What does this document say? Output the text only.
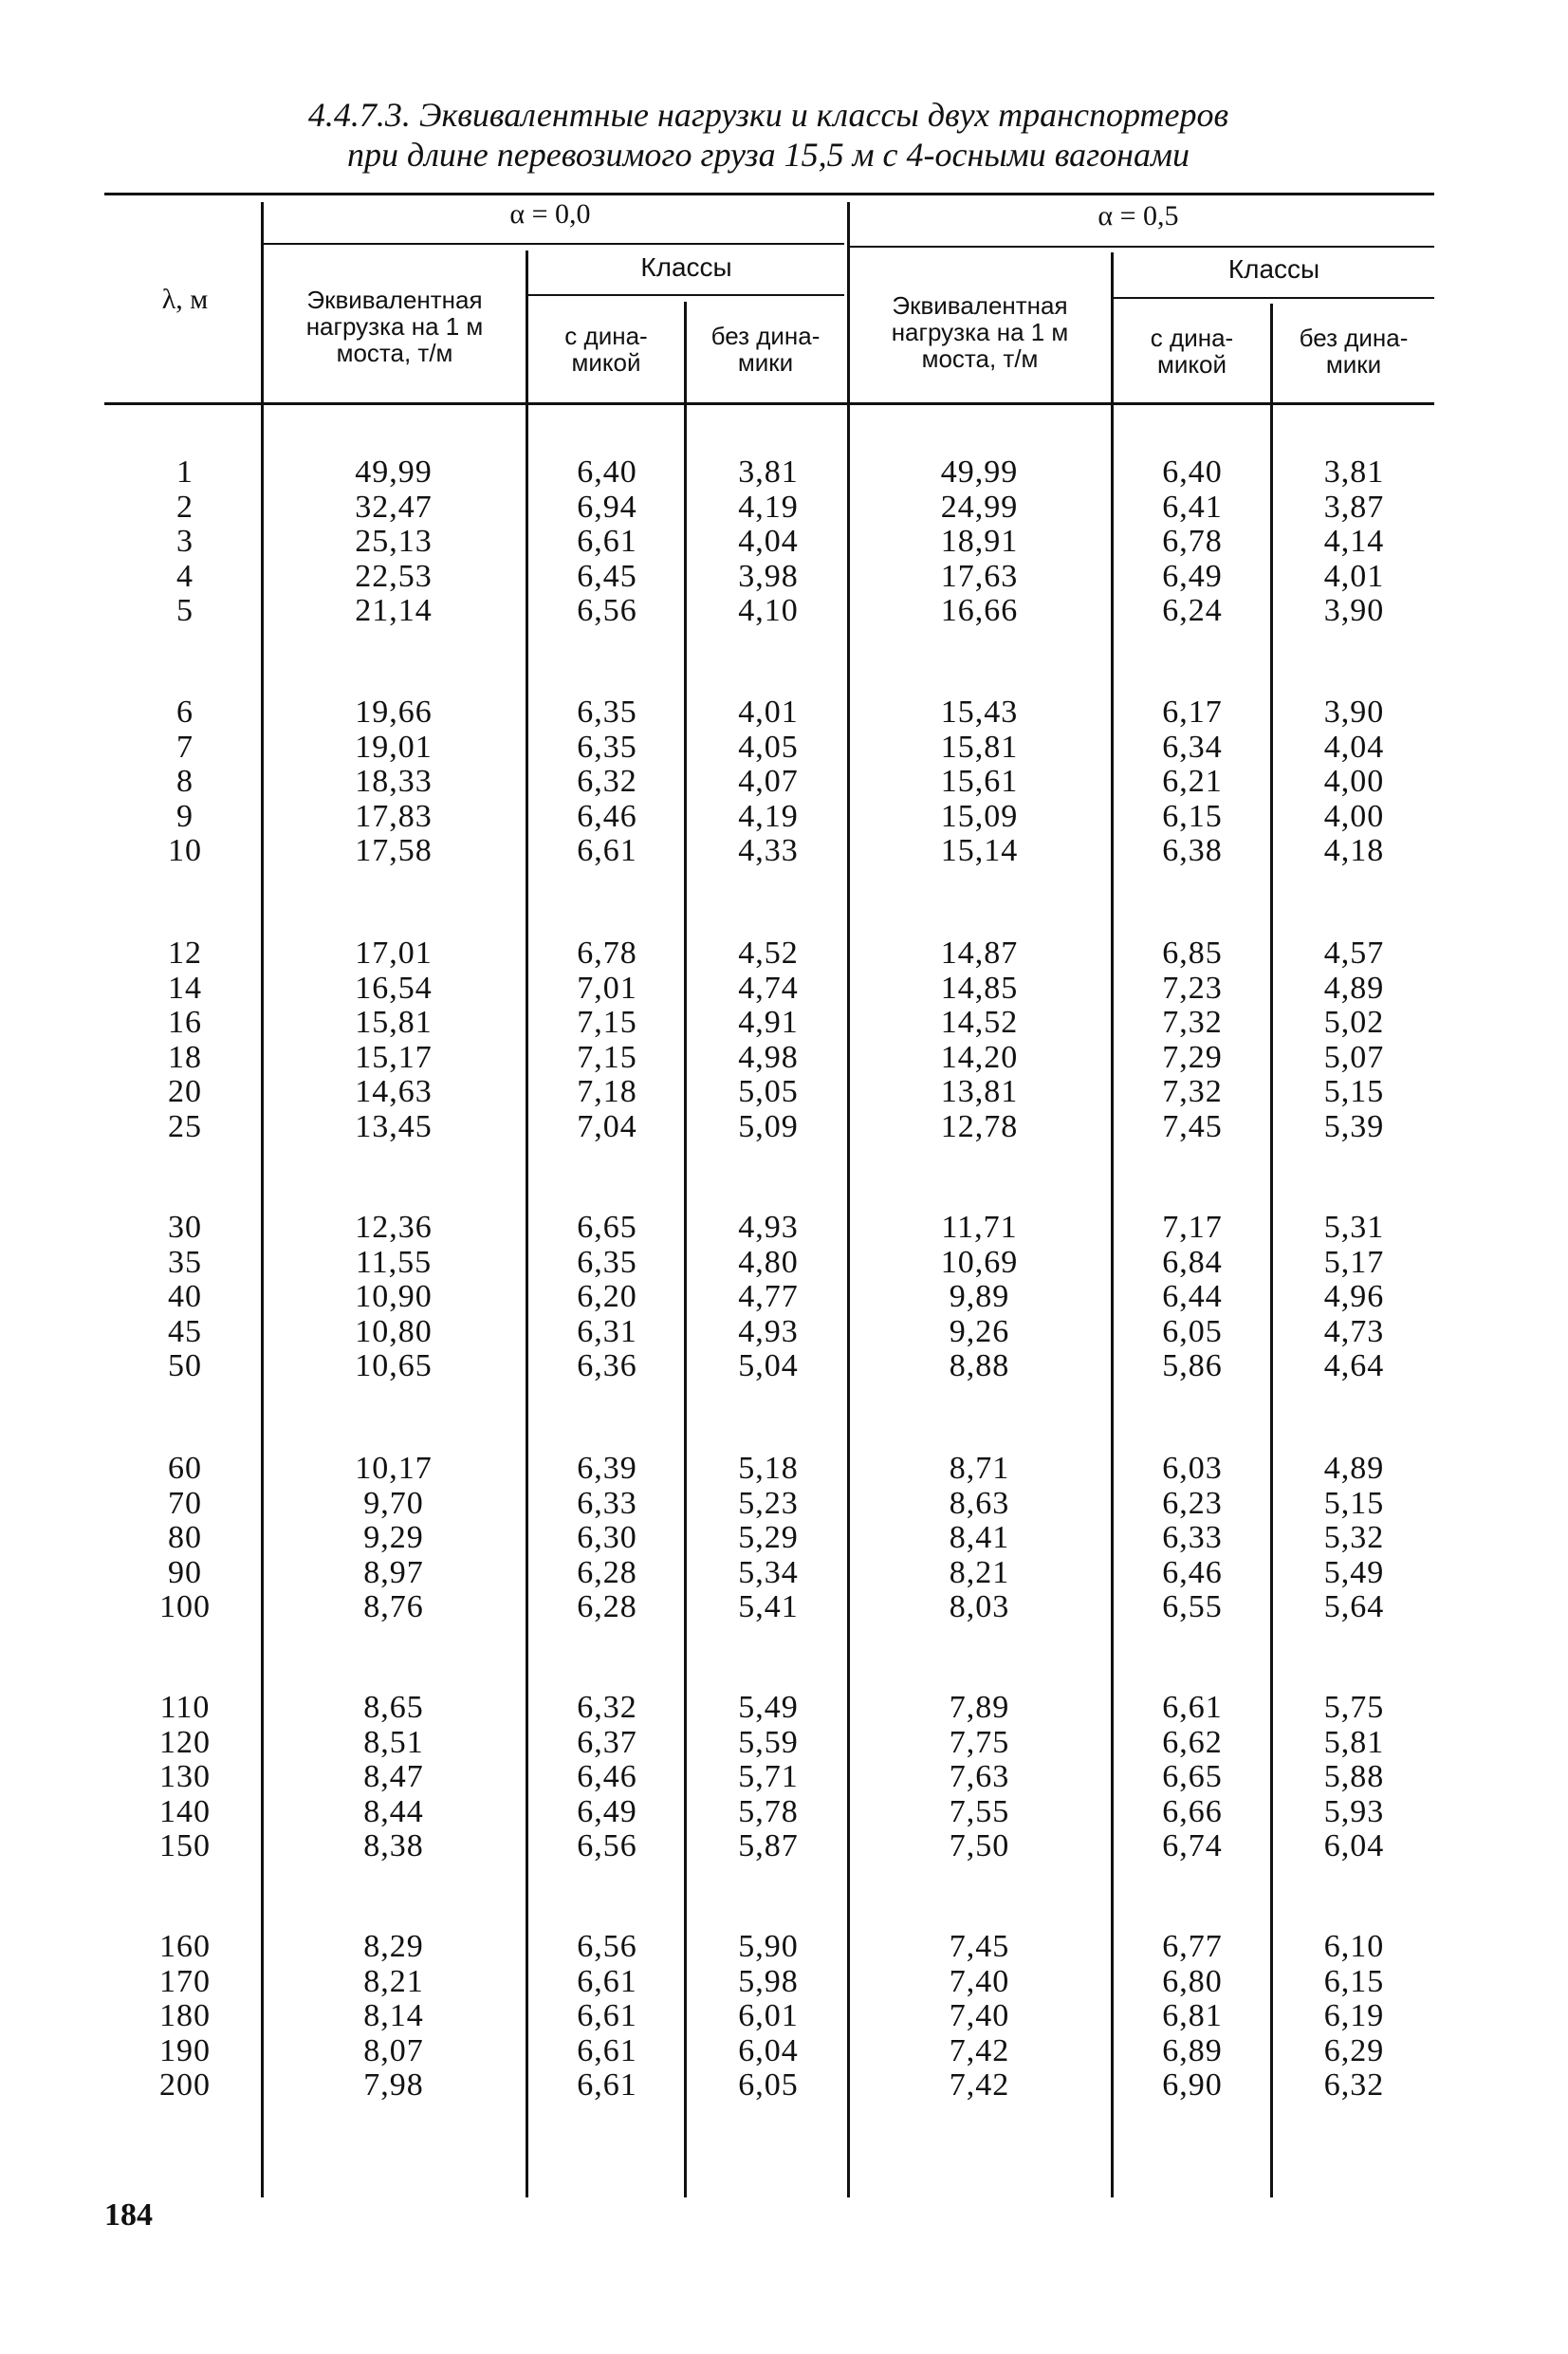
4.4.7.3. Эквивалентные нагрузки и классы двух транспортеров
при длине перевозимого груза 15,5 м с 4-осными вагонами
λ, м
α = 0,0	α = 0,5
Эквивалентная
нагрузка на 1 м
моста, т/м
Эквивалентная
нагрузка на 1 м
моста, т/м
Классы	Классы
с дина-
микой
без дина-
мики
с дина-
микой
без дина-
мики
1
2
3
4
5
49,99
32,47
25,13
22,53
21,14
6,40
6,94
6,61
6,45
6,56
3,81
4,19
4,04
3,98
4,10
49,99
24,99
18,91
17,63
16,66
6,40
6,41
6,78
6,49
6,24
3,81
3,87
4,14
4,01
3,90
6
7
8
9
10
19,66
19,01
18,33
17,83
17,58
6,35
6,35
6,32
6,46
6,61
4,01
4,05
4,07
4,19
4,33
15,43
15,81
15,61
15,09
15,14
6,17
6,34
6,21
6,15
6,38
3,90
4,04
4,00
4,00
4,18
12
14
16
18
20
25
17,01
16,54
15,81
15,17
14,63
13,45
6,78
7,01
7,15
7,15
7,18
7,04
4,52
4,74
4,91
4,98
5,05
5,09
14,87
14,85
14,52
14,20
13,81
12,78
6,85
7,23
7,32
7,29
7,32
7,45
4,57
4,89
5,02
5,07
5,15
5,39
30
35
40
45
50
12,36
11,55
10,90
10,80
10,65
6,65
6,35
6,20
6,31
6,36
4,93
4,80
4,77
4,93
5,04
11,71
10,69
9,89
9,26
8,88
7,17
6,84
6,44
6,05
5,86
5,31
5,17
4,96
4,73
4,64
60
70
80
90
100
10,17
9,70
9,29
8,97
8,76
6,39
6,33
6,30
6,28
6,28
5,18
5,23
5,29
5,34
5,41
8,71
8,63
8,41
8,21
8,03
6,03
6,23
6,33
6,46
6,55
4,89
5,15
5,32
5,49
5,64
110
120
130
140
150
8,65
8,51
8,47
8,44
8,38
6,32
6,37
6,46
6,49
6,56
5,49
5,59
5,71
5,78
5,87
7,89
7,75
7,63
7,55
7,50
6,61
6,62
6,65
6,66
6,74
5,75
5,81
5,88
5,93
6,04
160
170
180
190
200
8,29
8,21
8,14
8,07
7,98
6,56
6,61
6,61
6,61
6,61
5,90
5,98
6,01
6,04
6,05
7,45
7,40
7,40
7,42
7,42
6,77
6,80
6,81
6,89
6,90
6,10
6,15
6,19
6,29
6,32
184
